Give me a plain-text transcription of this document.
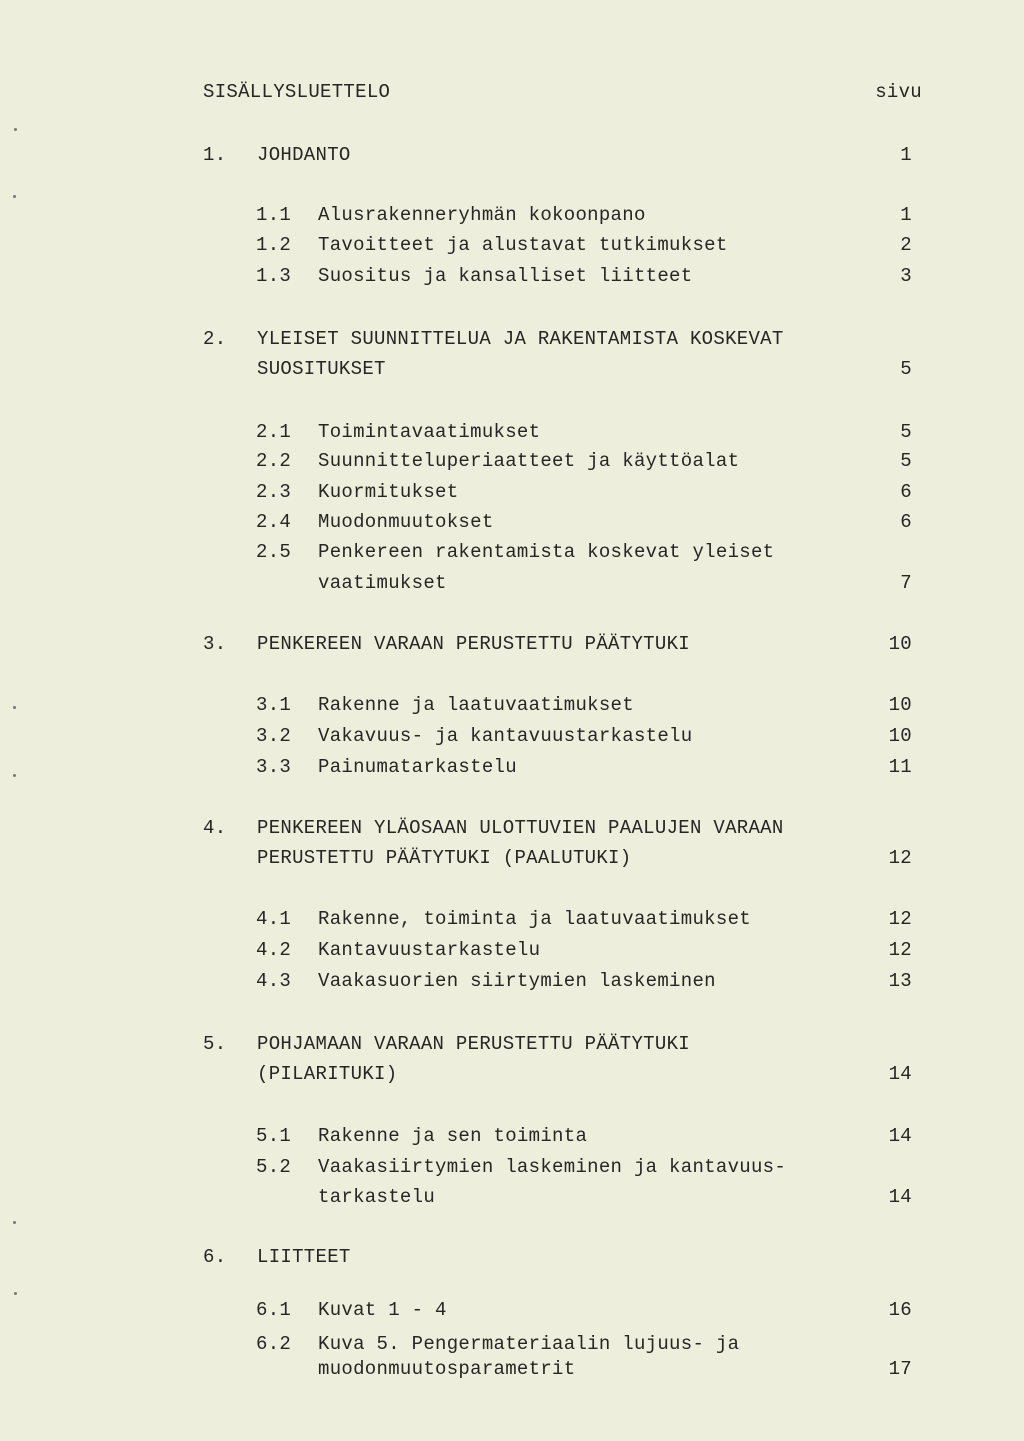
SISÄLLYSLUETTELO	sivu
1. JOHDANTO	1
1.1 Alusrakenneryhmän kokoonpano	1
1.2 Tavoitteet ja alustavat tutkimukset	2
1.3 Suositus ja kansalliset liitteet	3
2. YLEISET SUUNNITTELUA JA RAKENTAMISTA KOSKEVAT
SUOSITUKSET	5
2.1 Toimintavaatimukset	5
2.2 Suunnitteluperiaatteet ja käyttöalat	5
2.3 Kuormitukset	6
2.4 Muodonmuutokset	6
2.5 Penkereen rakentamista koskevat yleiset
vaatimukset	7
3. PENKEREEN VARAAN PERUSTETTU PÄÄTYTUKI	10
3.1 Rakenne ja laatuvaatimukset	10
3.2 Vakavuus- ja kantavuustarkastelu	10
3.3 Painumatarkastelu	11
4. PENKEREEN YLÄOSAAN ULOTTUVIEN PAALUJEN VARAAN
PERUSTETTU PÄÄTYTUKI (PAALUTUKI)	12
4.1 Rakenne, toiminta ja laatuvaatimukset	12
4.2 Kantavuustarkastelu	12
4.3 Vaakasuorien siirtymien laskeminen	13
5. POHJAMAAN VARAAN PERUSTETTU PÄÄTYTUKI
(PILARITUKI)	14
5.1 Rakenne ja sen toiminta	14
5.2 Vaakasiirtymien laskeminen ja kantavuus-
tarkastelu	14
6. LIITTEET
6.1 Kuvat 1 - 4	16
6.2 Kuva 5. Pengermateriaalin lujuus- ja
muodonmuutosparametrit	17
